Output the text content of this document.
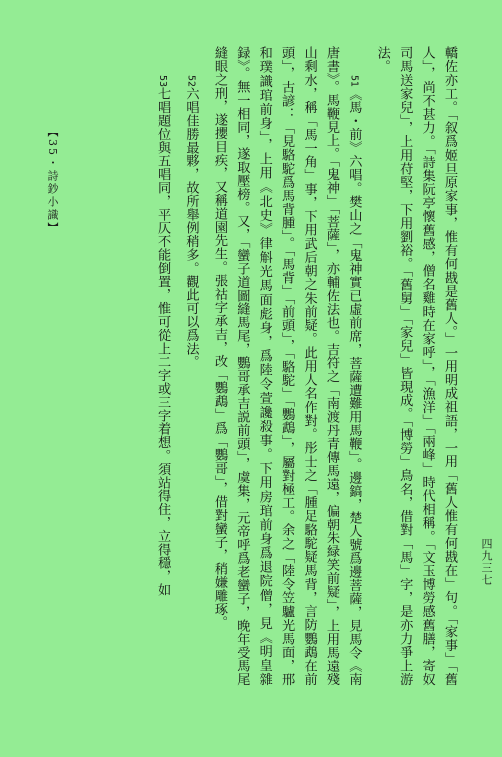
四九三七

轎佐亦工。「叙爲姬旦原家事，惟有何戡是舊人。」一用明成祖語，一用「舊人惟有何戡在」句。「家事」「舊人」，尚不甚力。「詩集阮亭懷舊感，僧名雞時在家呼」，「漁洋」「兩峰」時代相稱。「文玉博勞感舊膳，寄奴司馬送家兒」，上用苻堅，下用劉裕。「舊舅」「家兒」皆現成。「博勞」鳥名，借對「馬」字，是亦力爭上游法。

51《馬・前》六唱。樊山之「鬼神實已虛前席，菩薩遭難用馬鞭」。邊鎬，楚人號爲邊菩薩，見馬令《南唐書》。馬鞭見上。「鬼神」「菩薩」，亦輔佐法也。吉符之「南渡丹青傳馬遠，偏朝朱緑笑前疑」，上用馬遠殘山剩水，稱「馬一角」事，下用武后朝之朱前疑。此用人名作對。彤士之「腫足駱駝疑馬背，言防鸚鵡在前頭」，古諺：「見駱駝爲馬背腫」。「馬背」「前頭」，「駱駝」「鸚鵡」，屬對極工。余之「陸令笠驢光馬面，邢和璞識琯前身」，上用《北史》律斛光馬面彪身，爲陸令萱讒殺事。下用房琯前身爲退院僧，見《明皇雜録》。無一相同，遂取壓榜。又，「蠻子道圖縫馬尾，鸚哥承吉説前頭」，虞集，元帝呼爲老蠻子，晚年受馬尾縫眼之刑，遂攖目疾，又稱道園先生。張祜字承吉，改「鸚鵡」爲「鸚哥」，借對蠻子，稍嫌雕琢。

52六唱佳勝最夥，故所舉例稍多。觀此可以爲法。

53七唱題位與五唱同，平仄不能倒置，惟可從上二字或三字着想。須站得住，立得穩，如

【35・詩鈔小識】
